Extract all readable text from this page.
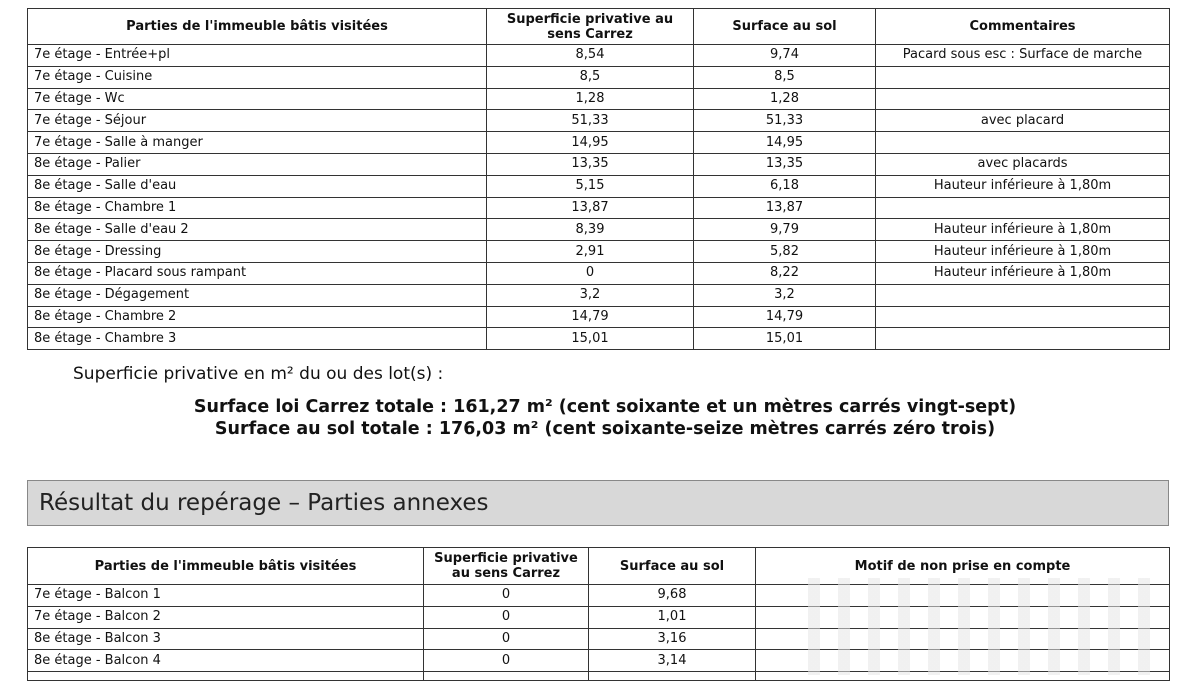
Parties de l'immeuble bâtis visitées	Superficie privative au sens Carrez	Surface au sol	Commentaires
7e étage - Entrée+pl	8,54	9,74	Pacard sous esc : Surface de marche
7e étage - Cuisine	8,5	8,5	
7e étage - Wc	1,28	1,28	
7e étage - Séjour	51,33	51,33	avec placard
7e étage - Salle à manger	14,95	14,95	
8e étage - Palier	13,35	13,35	avec placards
8e étage - Salle d'eau	5,15	6,18	Hauteur inférieure à 1,80m
8e étage - Chambre 1	13,87	13,87	
8e étage - Salle d'eau 2	8,39	9,79	Hauteur inférieure à 1,80m
8e étage - Dressing	2,91	5,82	Hauteur inférieure à 1,80m
8e étage - Placard sous rampant	0	8,22	Hauteur inférieure à 1,80m
8e étage - Dégagement	3,2	3,2	
8e étage - Chambre 2	14,79	14,79	
8e étage - Chambre 3	15,01	15,01	
Superficie privative en m² du ou des lot(s) :
Surface loi Carrez totale : 161,27 m² (cent soixante et un mètres carrés vingt-sept)
Surface au sol totale : 176,03 m² (cent soixante-seize mètres carrés zéro trois)
Résultat du repérage – Parties annexes
Parties de l'immeuble bâtis visitées	Superficie privative au sens Carrez	Surface au sol	Motif de non prise en compte
7e étage - Balcon 1	0	9,68	
7e étage - Balcon 2	0	1,01	
8e étage - Balcon 3	0	3,16	
8e étage - Balcon 4	0	3,14	
